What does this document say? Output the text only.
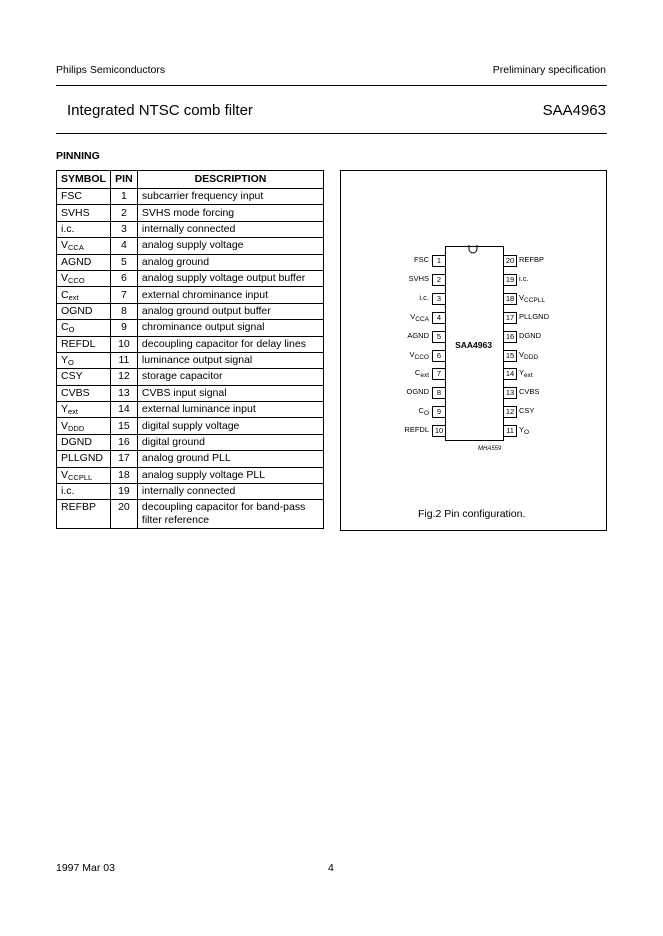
Philips Semiconductors	Preliminary specification
Integrated NTSC comb filter	SAA4963
PINNING
SYMBOL	PIN	DESCRIPTION
FSC	1	subcarrier frequency input
SVHS	2	SVHS mode forcing
i.c.	3	internally connected
$V_{CCA}$	4	analog supply voltage
AGND	5	analog ground
$V_{CCO}$	6	analog supply voltage output buffer
$C_{ext}$	7	external chrominance input
OGND	8	analog ground output buffer
$C_O$	9	chrominance output signal
REFDL	10	decoupling capacitor for delay lines
$Y_O$	11	luminance output signal
CSY	12	storage capacitor
CVBS	13	CVBS input signal
$Y_{ext}$	14	external luminance input
$V_{DDD}$	15	digital supply voltage
DGND	16	digital ground
PLLGND	17	analog ground PLL
$V_{CCPLL}$	18	analog supply voltage PLL
i.c.	19	internally connected
REFBP	20	decoupling capacitor for band-pass filter reference
SAA4963
1
FSC
2
SVHS
3
i.c.
4
$V_{CCA}$
5
AGND
6
$V_{CCO}$
7
$C_{ext}$
8
OGND
9
$C_O$
10
REFDL
20 REFBP
19 i.c.
18 $V_{CCPLL}$
17 PLLGND
16 DGND
15 $V_{DDD}$
14 $Y_{ext}$
13 CVBS
12 CSY
11 $Y_O$
MHA559
Fig.2 Pin configuration.
1997 Mar 03	4
